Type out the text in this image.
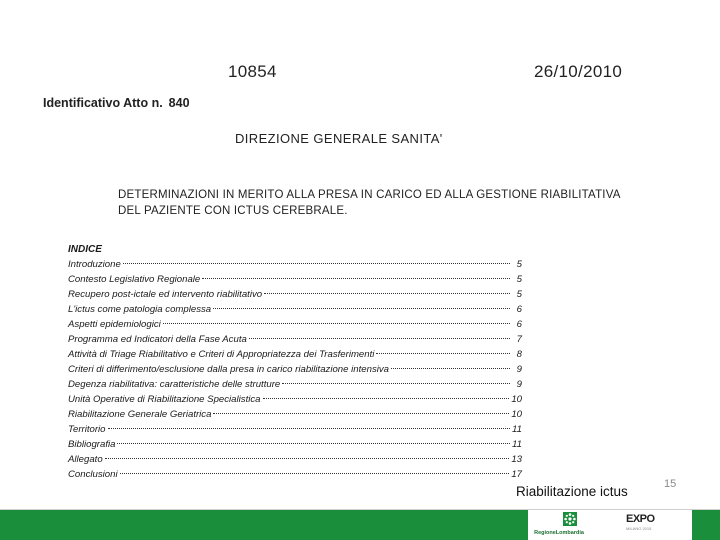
10854	26/10/2010
Identificativo Atto n. 840
DIREZIONE GENERALE SANITA'
DETERMINAZIONI IN MERITO ALLA PRESA IN CARICO ED ALLA GESTIONE RIABILITATIVA
DEL PAZIENTE CON ICTUS CEREBRALE.
INDICE
Introduzione	5
Contesto Legislativo Regionale	5
Recupero post-ictale ed intervento riabilitativo	5
L'ictus come patologia complessa	6
Aspetti epidemiologici	6
Programma ed Indicatori della Fase Acuta	7
Attività di Triage Riabilitativo e Criteri di Appropriatezza dei Trasferimenti	8
Criteri di differimento/esclusione dalla presa in carico riabilitazione intensiva	9
Degenza riabilitativa: caratteristiche delle strutture	9
Unità Operative di Riabilitazione Specialistica	10
Riabilitazione Generale Geriatrica	10
Territorio	11
Bibliografia	11
Allegato	13
Conclusioni	17
Riabilitazione ictus	15
RegioneLombardia
EXPO
MILANO 2015
